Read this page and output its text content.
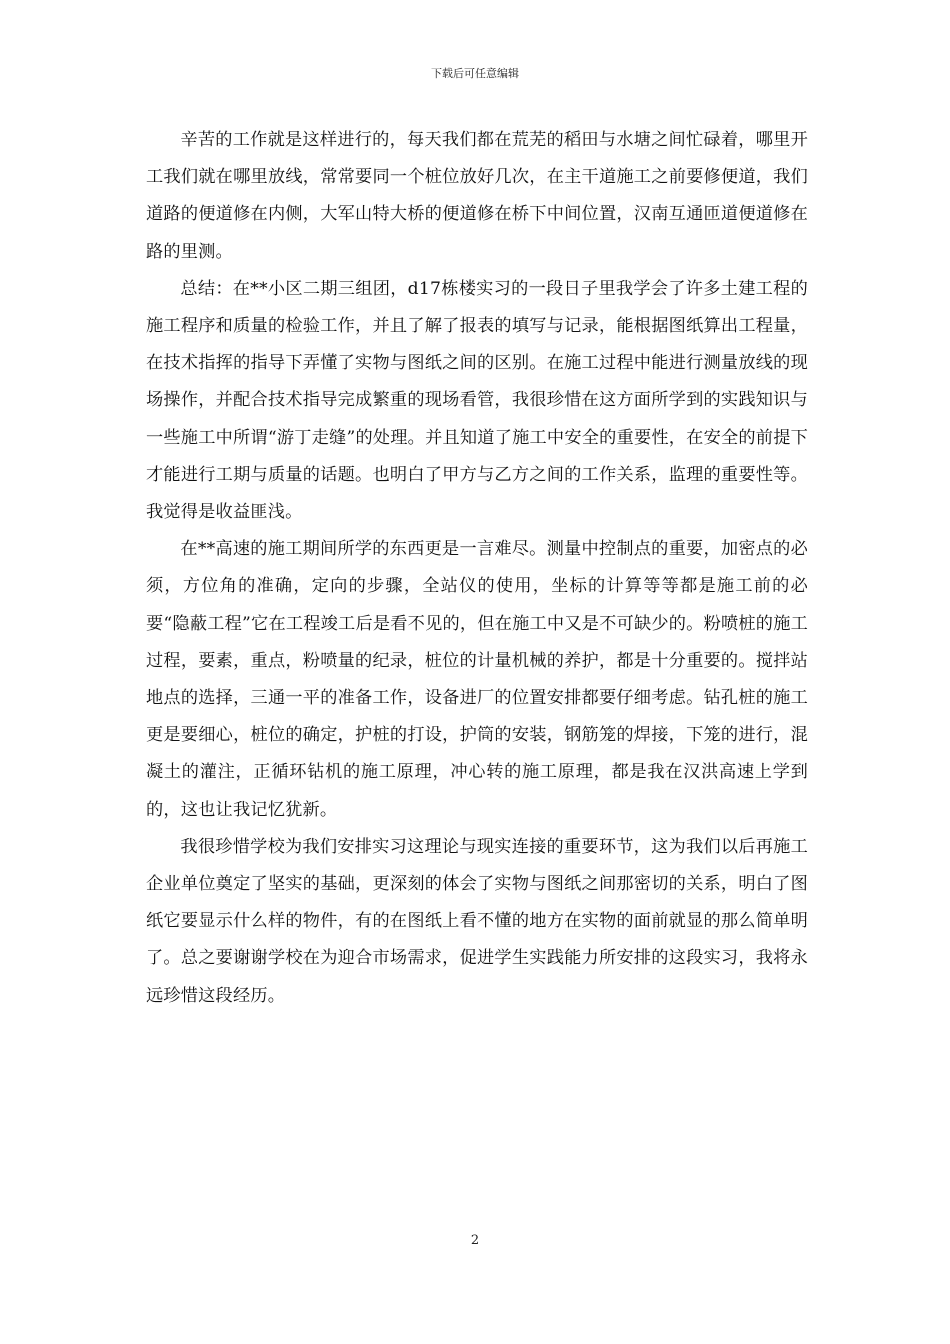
下载后可任意编辑

辛苦的工作就是这样进行的，每天我们都在荒芜的稻田与水塘之间忙碌着，哪里开工我们就在哪里放线，常常要同一个桩位放好几次，在主干道施工之前要修便道，我们道路的便道修在内侧，大军山特大桥的便道修在桥下中间位置，汉南互通匝道便道修在路的里测。

总结：在**小区二期三组团，d17栋楼实习的一段日子里我学会了许多土建工程的施工程序和质量的检验工作，并且了解了报表的填写与记录，能根据图纸算出工程量，在技术指挥的指导下弄懂了实物与图纸之间的区别。在施工过程中能进行测量放线的现场操作，并配合技术指导完成繁重的现场看管，我很珍惜在这方面所学到的实践知识与一些施工中所谓“游丁走缝”的处理。并且知道了施工中安全的重要性，在安全的前提下才能进行工期与质量的话题。也明白了甲方与乙方之间的工作关系，监理的重要性等。我觉得是收益匪浅。

在**高速的施工期间所学的东西更是一言难尽。测量中控制点的重要，加密点的必须，方位角的准确，定向的步骤，全站仪的使用，坐标的计算等等都是施工前的必要“隐蔽工程”它在工程竣工后是看不见的，但在施工中又是不可缺少的。粉喷桩的施工过程，要素，重点，粉喷量的纪录，桩位的计量机械的养护，都是十分重要的。搅拌站地点的选择，三通一平的准备工作，设备进厂的位置安排都要仔细考虑。钻孔桩的施工更是要细心，桩位的确定，护桩的打设，护筒的安装，钢筋笼的焊接，下笼的进行，混凝土的灌注，正循环钻机的施工原理，冲心转的施工原理，都是我在汉洪高速上学到的，这也让我记忆犹新。

我很珍惜学校为我们安排实习这理论与现实连接的重要环节，这为我们以后再施工企业单位奠定了坚实的基础，更深刻的体会了实物与图纸之间那密切的关系，明白了图纸它要显示什么样的物件，有的在图纸上看不懂的地方在实物的面前就显的那么简单明了。总之要谢谢学校在为迎合市场需求，促进学生实践能力所安排的这段实习，我将永远珍惜这段经历。

2
